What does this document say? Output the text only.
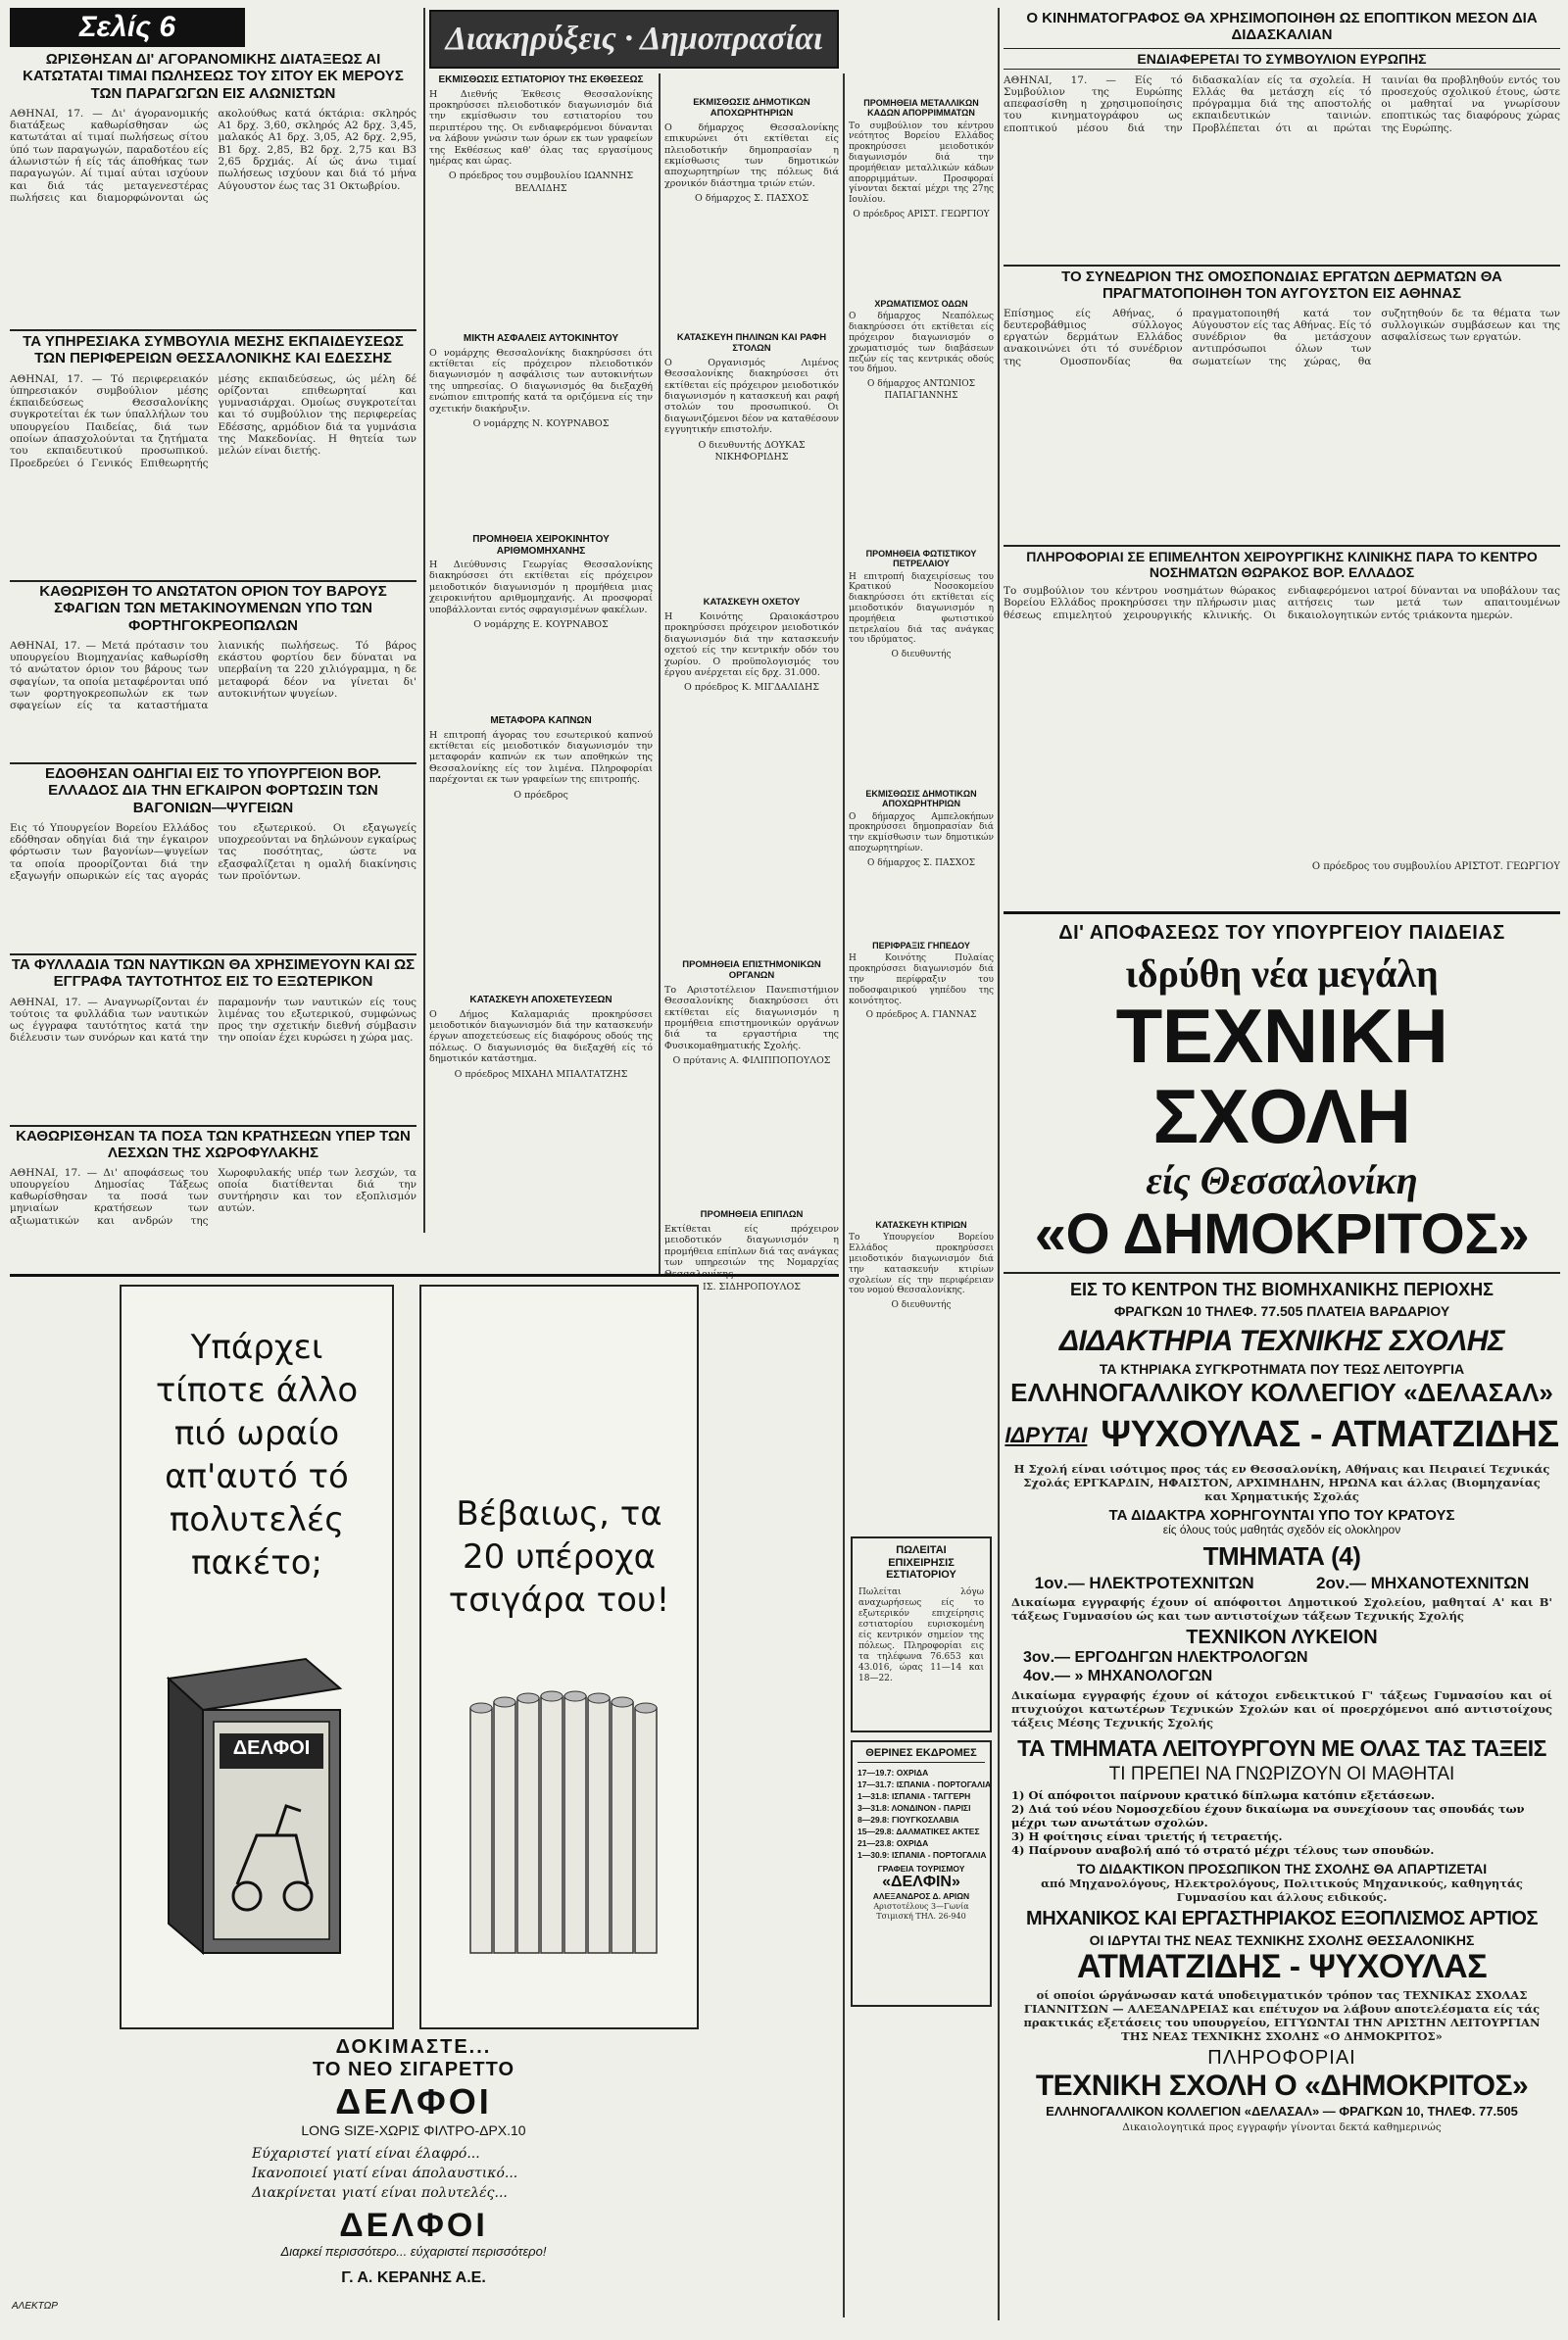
Σελίς 6
ΩΡΙΣΘΗΣΑΝ ΔΙ' ΑΓΟΡΑΝΟΜΙΚΗΣ ΔΙΑΤΑΞΕΩΣ ΑΙ ΚΑΤΩΤΑΤΑΙ ΤΙΜΑΙ ΠΩΛΗΣΕΩΣ ΤΟΥ ΣΙΤΟΥ ΕΚ ΜΕΡΟΥΣ ΤΩΝ ΠΑΡΑΓΩΓΩΝ ΕΙΣ ΑΛΩΝΙΣΤΩΝ
ΑΘΗΝΑΙ, 17. — Δι' άγορανομικής διατάξεως καθωρίσθησαν ώς κατωτάται αί τιμαί πωλήσεως σίτου ύπό των παραγωγών, παραδοτέου είς άλωνιστών ή είς τάς άποθήκας των παραγωγών. Αί τιμαί αύται ισχύουν και διά τάς μεταγενεστέρας πωλήσεις και διαμορφώνονται ώς ακολούθως κατά όκτάρια: σκληρός Α1 δρχ. 3,60, σκληρός Α2 δρχ. 3,45, μαλακός Α1 δρχ. 3,05, Α2 δρχ. 2,95, Β1 δρχ. 2,85, Β2 δρχ. 2,75 και Β3 2,65 δρχμάς. Αί ώς άνω τιμαί πωλήσεως ισχύουν και διά τό μήνα Αύγουστον έως τας 31 Οκτωβρίου.
ΤΑ ΥΠΗΡΕΣΙΑΚΑ ΣΥΜΒΟΥΛΙΑ ΜΕΣΗΣ ΕΚΠΑΙΔΕΥΣΕΩΣ ΤΩΝ ΠΕΡΙΦΕΡΕΙΩΝ ΘΕΣΣΑΛΟΝΙΚΗΣ ΚΑΙ ΕΔΕΣΣΗΣ
ΑΘΗΝΑΙ, 17. — Τό περιφερειακόν ύπηρεσιακόν συμβούλιον μέσης έκπαιδεύσεως Θεσσαλονίκης συγκροτείται έκ των ύπαλλήλων του υπουργείου Παιδείας, διά των οποίων άπασχολούνται τα ζητήματα του εκπαιδευτικού προσωπικού. Προεδρεύει ό Γενικός Επιθεωρητής μέσης εκπαιδεύσεως, ώς μέλη δέ ορίζονται επιθεωρηταί και γυμνασιάρχαι. Ομοίως συγκροτείται και τό συμβούλιον της περιφερείας Εδέσσης, αρμόδιον διά τα γυμνάσια της Μακεδονίας. Η θητεία των μελών είναι διετής.
ΚΑΘΩΡΙΣΘΗ ΤΟ ΑΝΩΤΑΤΟΝ ΟΡΙΟΝ ΤΟΥ ΒΑΡΟΥΣ ΣΦΑΓΙΩΝ ΤΩΝ ΜΕΤΑΚΙΝΟΥΜΕΝΩΝ ΥΠΟ ΤΩΝ ΦΟΡΤΗΓΟΚΡΕΟΠΩΛΩΝ
ΑΘΗΝΑΙ, 17. — Μετά πρότασιν του υπουργείου Βιομηχανίας καθωρίσθη τό ανώτατον όριον του βάρους των σφαγίων, τα οποία μεταφέρονται υπό των φορτηγοκρεοπωλών εκ των σφαγείων είς τα καταστήματα λιανικής πωλήσεως. Τό βάρος εκάστου φορτίου δεν δύναται να υπερβαίνη τα 220 χιλιόγραμμα, η δε μεταφορά δέον να γίνεται δι' αυτοκινήτων ψυγείων.
ΕΔΟΘΗΣΑΝ ΟΔΗΓΙΑΙ ΕΙΣ ΤΟ ΥΠΟΥΡΓΕΙΟΝ ΒΟΡ. ΕΛΛΑΔΟΣ ΔΙΑ ΤΗΝ ΕΓΚΑΙΡΟΝ ΦΟΡΤΩΣΙΝ ΤΩΝ ΒΑΓΟΝΙΩΝ—ΨΥΓΕΙΩΝ
Εις τό Υπουργείον Βορείου Ελλάδος εδόθησαν οδηγίαι διά την έγκαιρον φόρτωσιν των βαγονίων—ψυγείων τα οποία προορίζονται διά την εξαγωγήν οπωρικών είς τας αγοράς του εξωτερικού. Οι εξαγωγείς υποχρεούνται να δηλώνουν εγκαίρως τας ποσότητας, ώστε να εξασφαλίζεται η ομαλή διακίνησις των προϊόντων.
ΤΑ ΦΥΛΛΑΔΙΑ ΤΩΝ ΝΑΥΤΙΚΩΝ ΘΑ ΧΡΗΣΙΜΕΥΟΥΝ ΚΑΙ ΩΣ ΕΓΓΡΑΦΑ ΤΑΥΤΟΤΗΤΟΣ ΕΙΣ ΤΟ ΕΞΩΤΕΡΙΚΟΝ
ΑΘΗΝΑΙ, 17. — Αναγνωρίζονται έν τούτοις τα φυλλάδια των ναυτικών ως έγγραφα ταυτότητος κατά την διέλευσιν των συνόρων και κατά την παραμονήν των ναυτικών είς τους λιμένας του εξωτερικού, συμφώνως προς την σχετικήν διεθνή σύμβασιν την οποίαν έχει κυρώσει η χώρα μας.
ΚΑΘΩΡΙΣΘΗΣΑΝ ΤΑ ΠΟΣΑ ΤΩΝ ΚΡΑΤΗΣΕΩΝ ΥΠΕΡ ΤΩΝ ΛΕΣΧΩΝ ΤΗΣ ΧΩΡΟΦΥΛΑΚΗΣ
ΑΘΗΝΑΙ, 17. — Δι' αποφάσεως του υπουργείου Δημοσίας Τάξεως καθωρίσθησαν τα ποσά των μηνιαίων κρατήσεων των αξιωματικών και ανδρών της Χωροφυλακής υπέρ των λεσχών, τα οποία διατίθενται διά την συντήρησιν και τον εξοπλισμόν αυτών.
Διακηρύξεις · Δημοπρασίαι
ΕΚΜΙΣΘΩΣΙΣ ΕΣΤΙΑΤΟΡΙΟΥ ΤΗΣ ΕΚΘΕΣΕΩΣ
Η Διεθνής Έκθεσις Θεσσαλονίκης προκηρύσσει πλειοδοτικόν διαγωνισμόν διά την εκμίσθωσιν του εστιατορίου του περιπτέρου της. Οι ενδιαφερόμενοι δύνανται να λάβουν γνώσιν των όρων εκ των γραφείων της Εκθέσεως καθ' όλας τας εργασίμους ημέρας και ώρας.
Ο πρόεδρος του συμβουλίου ΙΩΑΝΝΗΣ ΒΕΛΛΙΔΗΣ
ΜΙΚΤΗ ΑΣΦΑΛΕΙΣ ΑΥΤΟΚΙΝΗΤΟΥ
Ο νομάρχης Θεσσαλονίκης διακηρύσσει ότι εκτίθεται είς πρόχειρον πλειοδοτικόν διαγωνισμόν η ασφάλισις των αυτοκινήτων της υπηρεσίας. Ο διαγωνισμός θα διεξαχθή ενώπιον επιτροπής κατά τα οριζόμενα είς την σχετικήν διακήρυξιν.
Ο νομάρχης Ν. ΚΟΥΡΝΑΒΟΣ
ΠΡΟΜΗΘΕΙΑ ΧΕΙΡΟΚΙΝΗΤΟΥ ΑΡΙΘΜΟΜΗΧΑΝΗΣ
Η Διεύθυνσις Γεωργίας Θεσσαλονίκης διακηρύσσει ότι εκτίθεται είς πρόχειρον μειοδοτικόν διαγωνισμόν η προμήθεια μιας χειροκινήτου αριθμομηχανής. Αι προσφοραί υποβάλλονται εντός σφραγισμένων φακέλων.
Ο νομάρχης Ε. ΚΟΥΡΝΑΒΟΣ
ΜΕΤΑΦΟΡΑ ΚΑΠΝΩΝ
Η επιτροπή άγορας του εσωτερικού καπνού εκτίθεται είς μειοδοτικόν διαγωνισμόν την μεταφοράν καπνών εκ των αποθηκών της Θεσσαλονίκης είς τον λιμένα. Πληροφορίαι παρέχονται εκ των γραφείων της επιτροπής.
Ο πρόεδρος
ΚΑΤΑΣΚΕΥΗ ΑΠΟΧΕΤΕΥΣΕΩΝ
Ο Δήμος Καλαμαριάς προκηρύσσει μειοδοτικόν διαγωνισμόν διά την κατασκευήν έργων αποχετεύσεως είς διαφόρους οδούς της πόλεως. Ο διαγωνισμός θα διεξαχθή είς τό δημοτικόν κατάστημα.
Ο πρόεδρος ΜΙΧΑΗΛ ΜΠΑΛΤΑΤΖΗΣ
ΕΚΜΙΣΘΩΣΙΣ ΔΗΜΟΤΙΚΩΝ ΑΠΟΧΩΡΗΤΗΡΙΩΝ
Ο δήμαρχος Θεσσαλονίκης επικυρώνει ότι εκτίθεται είς πλειοδοτικήν δημοπρασίαν η εκμίσθωσις των δημοτικών αποχωρητηρίων της πόλεως διά χρονικόν διάστημα τριών ετών.
Ο δήμαρχος Σ. ΠΑΣΧΟΣ
ΚΑΤΑΣΚΕΥΗ ΠΗΛΙΝΩΝ ΚΑΙ ΡΑΦΗ ΣΤΟΛΩΝ
Ο Οργανισμός Λιμένος Θεσσαλονίκης διακηρύσσει ότι εκτίθεται είς πρόχειρον μειοδοτικόν διαγωνισμόν η κατασκευή και ραφή στολών του προσωπικού. Οι διαγωνιζόμενοι δέον να καταθέσουν εγγυητικήν επιστολήν.
Ο διευθυντής ΔΟΥΚΑΣ ΝΙΚΗΦΟΡΙΔΗΣ
ΚΑΤΑΣΚΕΥΗ ΟΧΕΤΟΥ
Η Κοινότης Ωραιοκάστρου προκηρύσσει πρόχειρον μειοδοτικόν διαγωνισμόν διά την κατασκευήν οχετού είς την κεντρικήν οδόν του χωρίου. Ο προϋπολογισμός του έργου ανέρχεται είς δρχ. 31.000.
Ο πρόεδρος Κ. ΜΙΓΔΑΛΙΔΗΣ
ΠΡΟΜΗΘΕΙΑ ΕΠΙΣΤΗΜΟΝΙΚΩΝ ΟΡΓΑΝΩΝ
Το Αριστοτέλειον Πανεπιστήμιον Θεσσαλονίκης διακηρύσσει ότι εκτίθεται είς διαγωνισμόν η προμήθεια επιστημονικών οργάνων διά τα εργαστήρια της Φυσικομαθηματικής Σχολής.
Ο πρύτανις Α. ΦΙΛΙΠΠΟΠΟΥΛΟΣ
ΠΡΟΜΗΘΕΙΑ ΕΠΙΠΛΩΝ
Εκτίθεται είς πρόχειρον μειοδοτικόν διαγωνισμόν η προμήθεια επίπλων διά τας ανάγκας των υπηρεσιών της Νομαρχίας Θεσσαλονίκης.
ΙΣ. ΣΙΔΗΡΟΠΟΥΛΟΣ
ΠΡΟΜΗΘΕΙΑ ΜΕΤΑΛΛΙΚΩΝ ΚΑΔΩΝ ΑΠΟΡΡΙΜΜΑΤΩΝ
Το συμβούλιον του κέντρου νεότητος Βορείου Ελλάδος προκηρύσσει μειοδοτικόν διαγωνισμόν διά την προμήθειαν μεταλλικών κάδων απορριμμάτων. Προσφοραί γίνονται δεκταί μέχρι της 27ης Ιουλίου.
Ο πρόεδρος ΑΡΙΣΤ. ΓΕΩΡΓΙΟΥ
ΧΡΩΜΑΤΙΣΜΟΣ ΟΔΩΝ
Ο δήμαρχος Νεαπόλεως διακηρύσσει ότι εκτίθεται είς πρόχειρον διαγωνισμόν ο χρωματισμός των διαβάσεων πεζών είς τας κεντρικάς οδούς του δήμου.
Ο δήμαρχος ΑΝΤΩΝΙΟΣ ΠΑΠΑΓΙΑΝΝΗΣ
ΠΡΟΜΗΘΕΙΑ ΦΩΤΙΣΤΙΚΟΥ ΠΕΤΡΕΛΑΙΟΥ
Η επιτροπή διαχειρίσεως του Κρατικού Νοσοκομείου διακηρύσσει ότι εκτίθεται είς μειοδοτικόν διαγωνισμόν η προμήθεια φωτιστικού πετρελαίου διά τας ανάγκας του ιδρύματος.
Ο διευθυντής
ΕΚΜΙΣΘΩΣΙΣ ΔΗΜΟΤΙΚΩΝ ΑΠΟΧΩΡΗΤΗΡΙΩΝ
Ο δήμαρχος Αμπελοκήπων προκηρύσσει δημοπρασίαν διά την εκμίσθωσιν των δημοτικών αποχωρητηρίων.
Ο δήμαρχος Σ. ΠΑΣΧΟΣ
ΠΕΡΙΦΡΑΞΙΣ ΓΗΠΕΔΟΥ
Η Κοινότης Πυλαίας προκηρύσσει διαγωνισμόν διά την περίφραξιν του ποδοσφαιρικού γηπέδου της κοινότητος.
Ο πρόεδρος Α. ΓΙΑΝΝΑΣ
ΚΑΤΑΣΚΕΥΗ ΚΤΙΡΙΩΝ
Το Υπουργείον Βορείου Ελλάδος προκηρύσσει μειοδοτικόν διαγωνισμόν διά την κατασκευήν κτιρίων σχολείων είς την περιφέρειαν του νομού Θεσσαλονίκης.
Ο διευθυντής
ΠΩΛΕΙΤΑΙ
ΕΠΙΧΕΙΡΗΣΙΣ
ΕΣΤΙΑΤΟΡΙΟΥ
Πωλείται λόγω αναχωρήσεως είς το εξωτερικόν επιχείρησις εστιατορίου ευρισκομένη είς κεντρικόν σημείον της πόλεως. Πληροφορίαι εις τα τηλέφωνα 76.653 και 43.016, ώρας 11—14 και 18—22.
ΘΕΡΙΝΕΣ ΕΚΔΡΟΜΕΣ
17—19.7: ΟΧΡΙΔΑ
17—31.7: ΙΣΠΑΝΙΑ - ΠΟΡΤΟΓΑΛΙΑ
1—31.8: ΙΣΠΑΝΙΑ - ΤΑΓΓΕΡΗ
3—31.8: ΛΟΝΔΙΝΟΝ - ΠΑΡΙΣΙ
8—29.8: ΓΙΟΥΓΚΟΣΛΑΒΙΑ
15—29.8: ΔΑΛΜΑΤΙΚΕΣ ΑΚΤΕΣ
21—23.8: ΟΧΡΙΔΑ
1—30.9: ΙΣΠΑΝΙΑ - ΠΟΡΤΟΓΑΛΙΑ
ΓΡΑΦΕΙΑ ΤΟΥΡΙΣΜΟΥ
«ΔΕΛΦΙΝ»
ΑΛΕΞΑΝΔΡΟΣ Δ. ΑΡΙΩΝ
Αριστοτέλους 3—Γωνία Τσιμισκή ΤΗΛ. 26-940
Ο ΚΙΝΗΜΑΤΟΓΡΑΦΟΣ ΘΑ ΧΡΗΣΙΜΟΠΟΙΗΘΗ ΩΣ ΕΠΟΠΤΙΚΟΝ ΜΕΣΟΝ ΔΙΑ ΔΙΔΑΣΚΑΛΙΑΝ
ΕΝΔΙΑΦΕΡΕΤΑΙ ΤΟ ΣΥΜΒΟΥΛΙΟΝ ΕΥΡΩΠΗΣ
ΑΘΗΝΑΙ, 17. — Είς τό Συμβούλιον της Ευρώπης απεφασίσθη η χρησιμοποίησις του κινηματογράφου ως εποπτικού μέσου διά την διδασκαλίαν είς τα σχολεία. Η Ελλάς θα μετάσχη είς τό πρόγραμμα διά της αποστολής εκπαιδευτικών ταινιών. Προβλέπεται ότι αι πρώται ταινίαι θα προβληθούν εντός του προσεχούς σχολικού έτους, ώστε οι μαθηταί να γνωρίσουν εποπτικώς τας διαφόρους χώρας της Ευρώπης.
ΤΟ ΣΥΝΕΔΡΙΟΝ ΤΗΣ ΟΜΟΣΠΟΝΔΙΑΣ ΕΡΓΑΤΩΝ ΔΕΡΜΑΤΩΝ ΘΑ ΠΡΑΓΜΑΤΟΠΟΙΗΘΗ ΤΟΝ ΑΥΓΟΥΣΤΟΝ ΕΙΣ ΑΘΗΝΑΣ
Επίσημος είς Αθήνας, ό δευτεροβάθμιος σύλλογος εργατών δερμάτων Ελλάδος ανακοινώνει ότι τό συνέδριον της Ομοσπονδίας θα πραγματοποιηθή κατά τον Αύγουστον είς τας Αθήνας. Είς τό συνέδριον θα μετάσχουν αντιπρόσωποι όλων των σωματείων της χώρας, θα συζητηθούν δε τα θέματα των συλλογικών συμβάσεων και της ασφαλίσεως των εργατών.
ΠΛΗΡΟΦΟΡΙΑΙ ΣΕ ΕΠΙΜΕΛΗΤΟΝ ΧΕΙΡΟΥΡΓΙΚΗΣ ΚΛΙΝΙΚΗΣ ΠΑΡΑ ΤΟ ΚΕΝΤΡΟ ΝΟΣΗΜΑΤΩΝ ΘΩΡΑΚΟΣ ΒΟΡ. ΕΛΛΑΔΟΣ
Το συμβούλιον του κέντρου νοσημάτων θώρακος Βορείου Ελλάδος προκηρύσσει την πλήρωσιν μιας θέσεως επιμελητού χειρουργικής κλινικής. Οι ενδιαφερόμενοι ιατροί δύνανται να υποβάλουν τας αιτήσεις των μετά των απαιτουμένων δικαιολογητικών εντός τριάκοντα ημερών.
Ο πρόεδρος του συμβουλίου ΑΡΙΣΤΟΤ. ΓΕΩΡΓΙΟΥ
ΔΙ' ΑΠΟΦΑΣΕΩΣ ΤΟΥ ΥΠΟΥΡΓΕΙΟΥ ΠΑΙΔΕΙΑΣ
ιδρύθη νέα μεγάλη
ΤΕΧΝΙΚΗ ΣΧΟΛΗ
είς Θεσσαλονίκη
«Ο ΔΗΜΟΚΡΙΤΟΣ»
ΕΙΣ ΤΟ ΚΕΝΤΡΟΝ ΤΗΣ ΒΙΟΜΗΧΑΝΙΚΗΣ ΠΕΡΙΟΧΗΣ
ΦΡΑΓΚΩΝ 10 ΤΗΛΕΦ. 77.505 ΠΛΑΤΕΙΑ ΒΑΡΔΑΡΙΟΥ
ΔΙΔΑΚΤΗΡΙΑ ΤΕΧΝΙΚΗΣ ΣΧΟΛΗΣ
ΤΑ ΚΤΗΡΙΑΚΑ ΣΥΓΚΡΟΤΗΜΑΤΑ ΠΟΥ ΤΕΩΣ ΛΕΙΤΟΥΡΓΙΑ
ΕΛΛΗΝΟΓΑΛΛΙΚΟΥ ΚΟΛΛΕΓΙΟΥ «ΔΕΛΑΣΑΛ»
ΙΔΡΥΤΑΙ ΨΥΧΟΥΛΑΣ - ΑΤΜΑΤΖΙΔΗΣ
Η Σχολή είναι ισότιμος προς τάς εν Θεσσαλονίκη, Αθήναις και Πειραιεί Τεχνικάς Σχολάς ΕΡΓΚΑΡΔΙΝ, ΗΦΑΙΣΤΟΝ, ΑΡΧΙΜΗΔΗΝ, ΗΡΩΝΑ και άλλας (Βιομηχανίας και Χρηματικής Σχολάς
ΤΑ ΔΙΔΑΚΤΡΑ ΧΟΡΗΓΟΥΝΤΑΙ ΥΠΟ ΤΟΥ ΚΡΑΤΟΥΣ
είς όλους τούς μαθητάς σχεδόν είς ολοκληρον
ΤΜΗΜΑΤΑ (4)
1ον.— ΗΛΕΚΤΡΟΤΕΧΝΙΤΩΝ	2ον.— ΜΗΧΑΝΟΤΕΧΝΙΤΩΝ
Δικαίωμα εγγραφής έχουν οί απόφοιτοι Δημοτικού Σχολείου, μαθηταί Α' και Β' τάξεως Γυμνασίου ώς και των αντιστοίχων τάξεων Τεχνικής Σχολής
ΤΕΧΝΙΚΟΝ ΛΥΚΕΙΟΝ
3ον.— ΕΡΓΟΔΗΓΩΝ ΗΛΕΚΤΡΟΛΟΓΩΝ
4ον.— » ΜΗΧΑΝΟΛΟΓΩΝ
Δικαίωμα εγγραφής έχουν οί κάτοχοι ενδεικτικού Γ' τάξεως Γυμνασίου και οί πτυχιούχοι κατωτέρων Τεχνικών Σχολών και οί προερχόμενοι από αντιστοίχους τάξεις Μέσης Τεχνικής Σχολής
ΤΑ ΤΜΗΜΑΤΑ ΛΕΙΤΟΥΡΓΟΥΝ ΜΕ ΟΛΑΣ ΤΑΣ ΤΑΞΕΙΣ
ΤΙ ΠΡΕΠΕΙ ΝΑ ΓΝΩΡΙΖΟΥΝ ΟΙ ΜΑΘΗΤΑΙ
1) Οί απόφοιτοι παίρνουν κρατικό δίπλωμα κατόπιν εξετάσεων.
2) Διά τού νέου Νομοσχεδίου έχουν δικαίωμα να συνεχίσουν τας σπουδάς των μέχρι των ανωτάτων σχολών.
3) Η φοίτησις είναι τριετής ή τετραετής.
4) Παίρνουν αναβολή από τό στρατό μέχρι τέλους των σπουδών.
ΤΟ ΔΙΔΑΚΤΙΚΟΝ ΠΡΟΣΩΠΙΚΟΝ ΤΗΣ ΣΧΟΛΗΣ ΘΑ ΑΠΑΡΤΙΖΕΤΑΙ
από Μηχανολόγους, Ηλεκτρολόγους, Πολιτικούς Μηχανικούς, καθηγητάς Γυμνασίου και άλλους ειδικούς.
ΜΗΧΑΝΙΚΟΣ ΚΑΙ ΕΡΓΑΣΤΗΡΙΑΚΟΣ ΕΞΟΠΛΙΣΜΟΣ ΑΡΤΙΟΣ
ΟΙ ΙΔΡΥΤΑΙ ΤΗΣ ΝΕΑΣ ΤΕΧΝΙΚΗΣ ΣΧΟΛΗΣ ΘΕΣΣΑΛΟΝΙΚΗΣ
ΑΤΜΑΤΖΙΔΗΣ - ΨΥΧΟΥΛΑΣ
οί οποίοι ώργάνωσαν κατά υποδειγματικόν τρόπον τας ΤΕΧΝΙΚΑΣ ΣΧΟΛΑΣ ΓΙΑΝΝΙΤΣΩΝ — ΑΛΕΞΑΝΔΡΕΙΑΣ και επέτυχον να λάβουν αποτελέσματα είς τάς πρακτικάς εξετάσεις του υπουργείου, ΕΓΓΥΩΝΤΑΙ ΤΗΝ ΑΡΙΣΤΗΝ ΛΕΙΤΟΥΡΓΙΑΝ ΤΗΣ ΝΕΑΣ ΤΕΧΝΙΚΗΣ ΣΧΟΛΗΣ «Ο ΔΗΜΟΚΡΙΤΟΣ»
ΠΛΗΡΟΦΟΡΙΑΙ
ΤΕΧΝΙΚΗ ΣΧΟΛΗ Ο «ΔΗΜΟΚΡΙΤΟΣ»
ΕΛΛΗΝΟΓΑΛΛΙΚΟΝ ΚΟΛΛΕΓΙΟΝ «ΔΕΛΑΣΑΛ» — ΦΡΑΓΚΩΝ 10, ΤΗΛΕΦ. 77.505
Δικαιολογητικά προς εγγραφήν γίνονται δεκτά καθημερινώς
Υπάρχει τίποτε άλλο πιό ωραίο απ'αυτό τό πολυτελές πακέτο;
ΔΕΛΦΟΙ
Βέβαιως, τα 20 υπέροχα τσιγάρα του!
ΔΟΚΙΜΑΣΤΕ...
ΤΟ ΝΕΟ ΣΙΓΑΡΕΤΤΟ
ΔΕΛΦΟΙ
LONG SIZE-ΧΩΡΙΣ ΦΙΛΤΡΟ-ΔΡΧ.10
Εύχαριστεί γιατί είναι έλαφρό...
Ικανοποιεί γιατί είναι άπολαυστικό...
Διακρίνεται γιατί είναι πολυτελές...
ΔΕΛΦΟΙ
Διαρκεί περισσότερο... εύχαριστεί περισσότερο!
Γ. Α. ΚΕΡΑΝΗΣ Α.Ε.
ΑΛΕΚΤΩΡ
